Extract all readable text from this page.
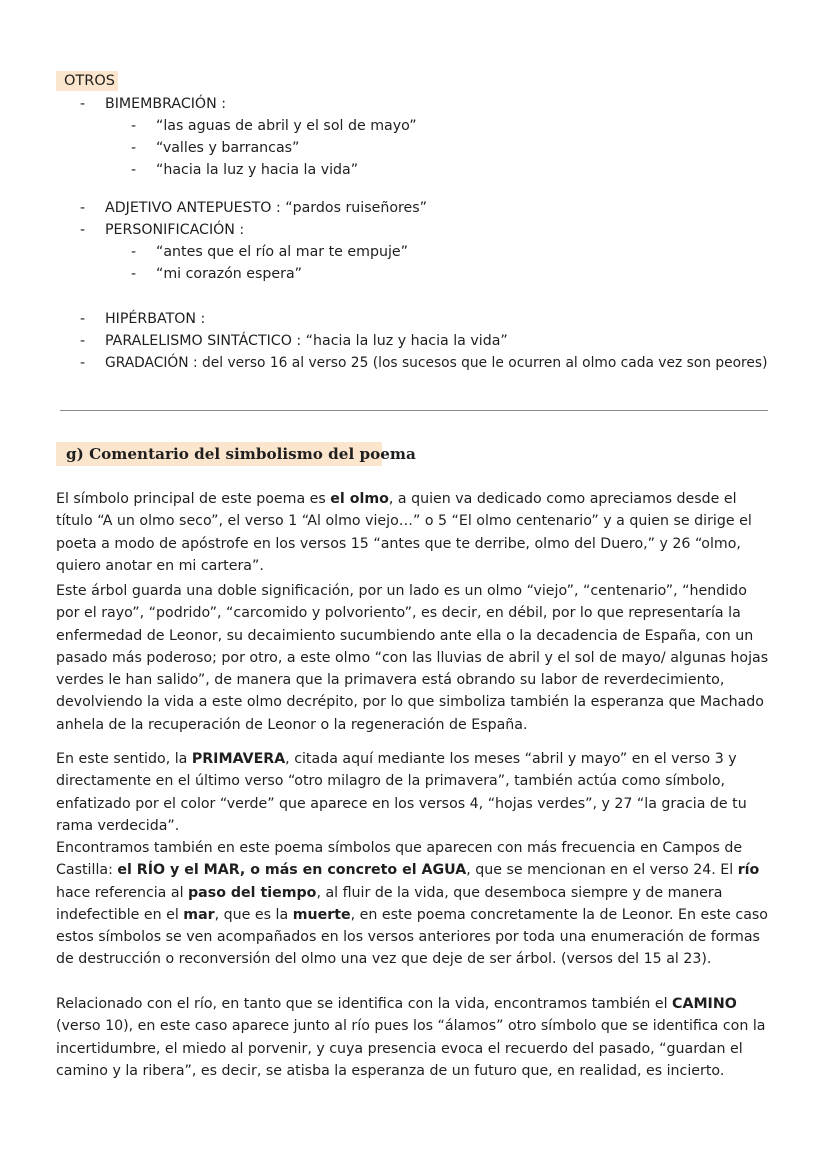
OTROS
- BIMEMBRACIÓN :
- “las aguas de abril y el sol de mayo”
- “valles y barrancas”
- “hacia la luz y hacia la vida”
- ADJETIVO ANTEPUESTO : “pardos ruiseñores”
- PERSONIFICACIÓN :
- “antes que el río al mar te empuje”
- “mi corazón espera”
- HIPÉRBATON :
- PARALELISMO SINTÁCTICO : “hacia la luz y hacia la vida”
- GRADACIÓN : del verso 16 al verso 25 (los sucesos que le ocurren al olmo cada vez son peores)
g) Comentario del simbolismo del poema
El símbolo principal de este poema es el olmo, a quien va dedicado como apreciamos desde el título “A un olmo seco”, el verso 1 “Al olmo viejo…” o 5 “El olmo centenario” y a quien se dirige el poeta a modo de apóstrofe en los versos 15 “antes que te derribe, olmo del Duero,” y 26 “olmo, quiero anotar en mi cartera”.
Este árbol guarda una doble significación, por un lado es un olmo “viejo”, “centenario”, “hendido por el rayo”, “podrido”, “carcomido y polvoriento”, es decir, en débil, por lo que representaría la enfermedad de Leonor, su decaimiento sucumbiendo ante ella o la decadencia de España, con un pasado más poderoso; por otro, a este olmo “con las lluvias de abril y el sol de mayo/ algunas hojas verdes le han salido”, de manera que la primavera está obrando su labor de reverdecimiento, devolviendo la vida a este olmo decrépito, por lo que simboliza también la esperanza que Machado anhela de la recuperación de Leonor o la regeneración de España.
En este sentido, la PRIMAVERA, citada aquí mediante los meses “abril y mayo” en el verso 3 y directamente en el último verso “otro milagro de la primavera”, también actúa como símbolo, enfatizado por el color “verde” que aparece en los versos 4, “hojas verdes”, y 27 “la gracia de tu rama verdecida”.
Encontramos también en este poema símbolos que aparecen con más frecuencia en Campos de Castilla: el RÍO y el MAR, o más en concreto el AGUA, que se mencionan en el verso 24. El río hace referencia al paso del tiempo, al fluir de la vida, que desemboca siempre y de manera indefectible en el mar, que es la muerte, en este poema concretamente la de Leonor. En este caso estos símbolos se ven acompañados en los versos anteriores por toda una enumeración de formas de destrucción o reconversión del olmo una vez que deje de ser árbol. (versos del 15 al 23).
Relacionado con el río, en tanto que se identifica con la vida, encontramos también el CAMINO (verso 10), en este caso aparece junto al río pues los “álamos” otro símbolo que se identifica con la incertidumbre, el miedo al porvenir, y cuya presencia evoca el recuerdo del pasado, “guardan el camino y la ribera”, es decir, se atisba la esperanza de un futuro que, en realidad, es incierto.
